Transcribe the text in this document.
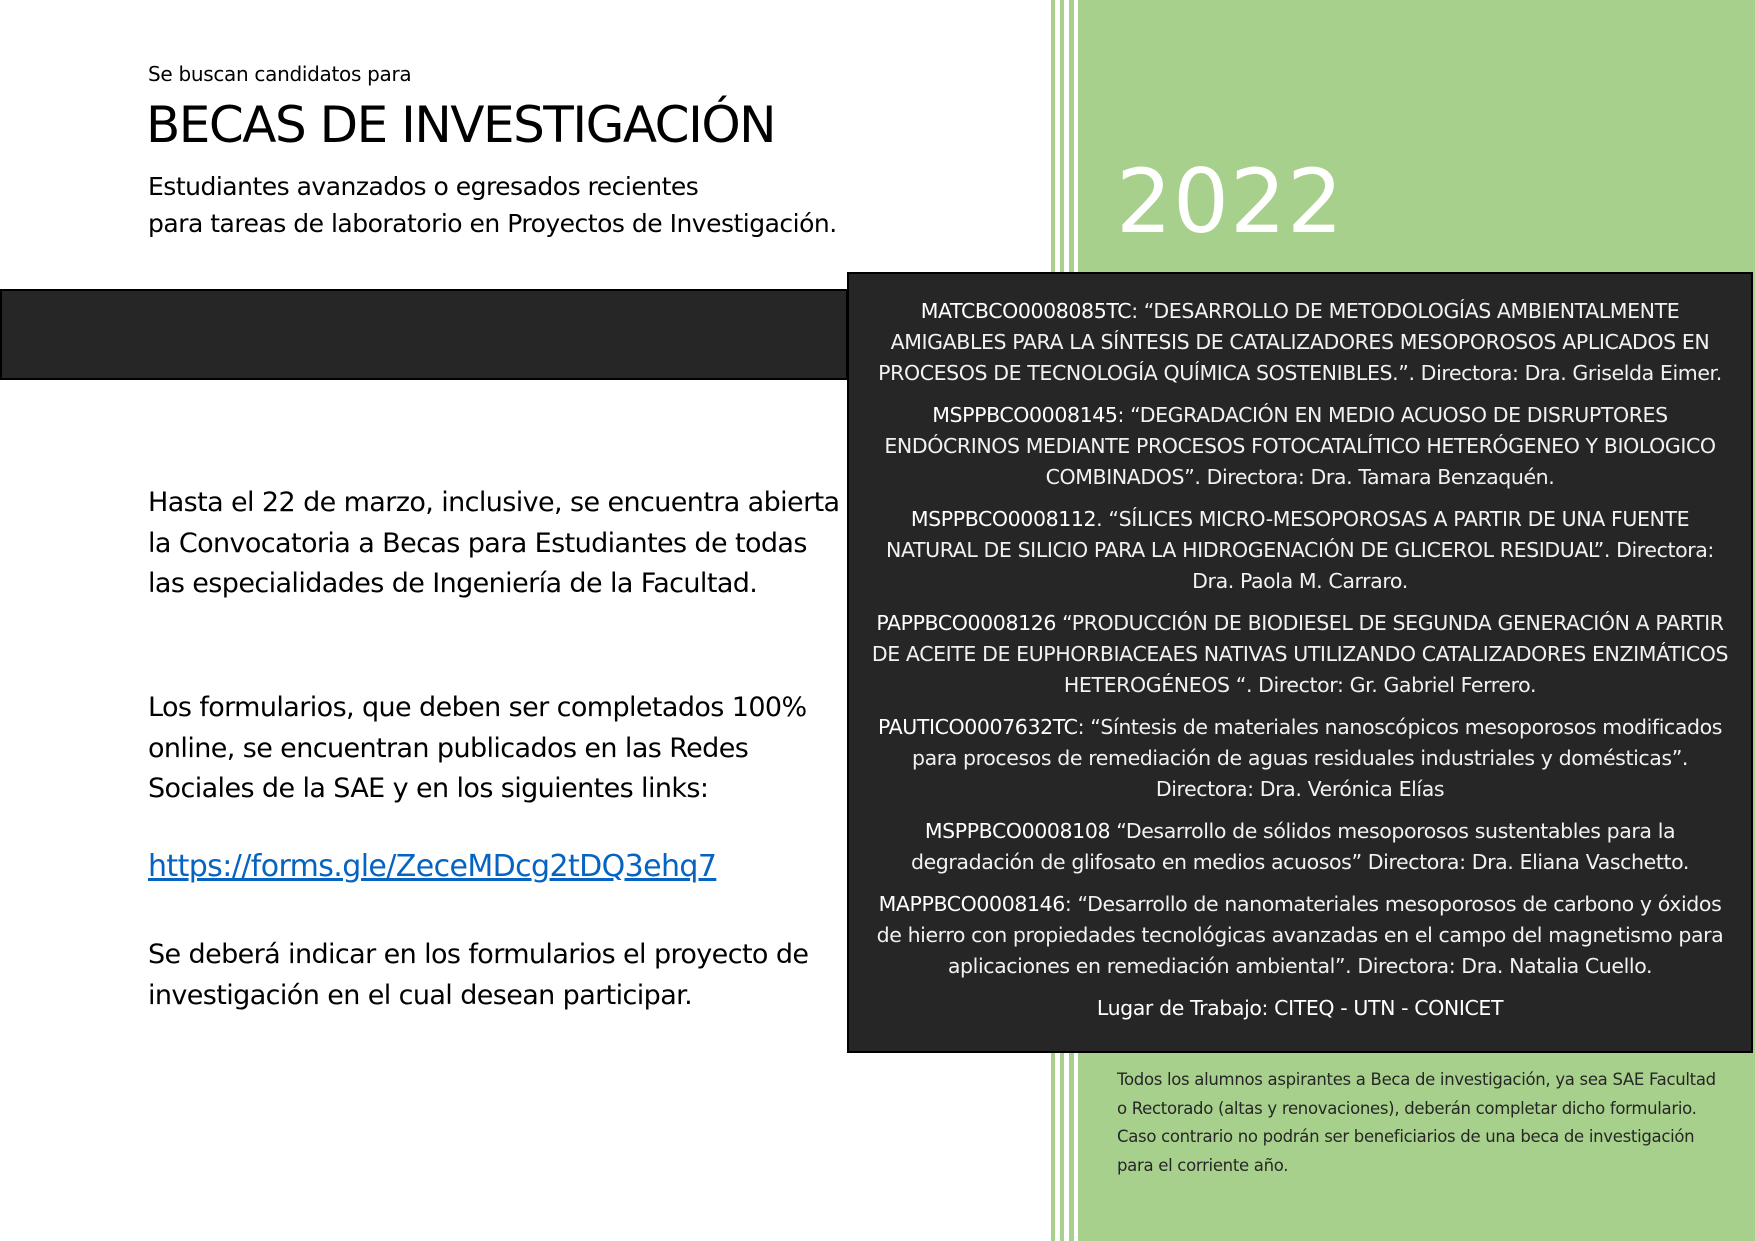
Se buscan candidatos para
BECAS DE INVESTIGACIÓN
Estudiantes avanzados o egresados recientes
para tareas de laboratorio en Proyectos de Investigación.	2022
MATCBCO0008085TC: “DESARROLLO DE METODOLOGÍAS AMBIENTALMENTE AMIGABLES PARA LA SÍNTESIS DE CATALIZADORES MESOPOROSOS APLICADOS EN PROCESOS DE TECNOLOGÍA QUÍMICA SOSTENIBLES.”. Directora: Dra. Griselda Eimer.
MSPPBCO0008145: “DEGRADACIÓN EN MEDIO ACUOSO DE DISRUPTORES ENDÓCRINOS MEDIANTE PROCESOS FOTOCATALÍTICO HETERÓGENEO Y BIOLOGICO COMBINADOS”. Directora: Dra. Tamara Benzaquén.
MSPPBCO0008112. “SÍLICES MICRO-MESOPOROSAS A PARTIR DE UNA FUENTE NATURAL DE SILICIO PARA LA HIDROGENACIÓN DE GLICEROL RESIDUAL”. Directora: Dra. Paola M. Carraro.
PAPPBCO0008126 “PRODUCCIÓN DE BIODIESEL DE SEGUNDA GENERACIÓN A PARTIR DE ACEITE DE EUPHORBIACEAES NATIVAS UTILIZANDO CATALIZADORES ENZIMÁTICOS HETEROGÉNEOS “. Director: Gr. Gabriel Ferrero.
PAUTICO0007632TC: “Síntesis de materiales nanoscópicos mesoporosos modificados para procesos de remediación de aguas residuales industriales y domésticas”. Directora: Dra. Verónica Elías
MSPPBCO0008108 “Desarrollo de sólidos mesoporosos sustentables para la degradación de glifosato en medios acuosos” Directora: Dra. Eliana Vaschetto.
MAPPBCO0008146: “Desarrollo de nanomateriales mesoporosos de carbono y óxidos de hierro con propiedades tecnológicas avanzadas en el campo del magnetismo para aplicaciones en remediación ambiental”. Directora: Dra. Natalia Cuello.
Lugar de Trabajo: CITEQ - UTN - CONICET
Hasta el 22 de marzo, inclusive, se encuentra abierta la Convocatoria a Becas para Estudiantes de todas las especialidades de Ingeniería de la Facultad.
Los formularios, que deben ser completados 100% online, se encuentran publicados en las Redes Sociales de la SAE y en los siguientes links:
https://forms.gle/ZeceMDcg2tDQ3ehq7
Se deberá indicar en los formularios el proyecto de investigación en el cual desean participar.
Todos los alumnos aspirantes a Beca de investigación, ya sea SAE Facultad o Rectorado (altas y renovaciones), deberán completar dicho formulario. Caso contrario no podrán ser beneficiarios de una beca de investigación para el corriente año.
